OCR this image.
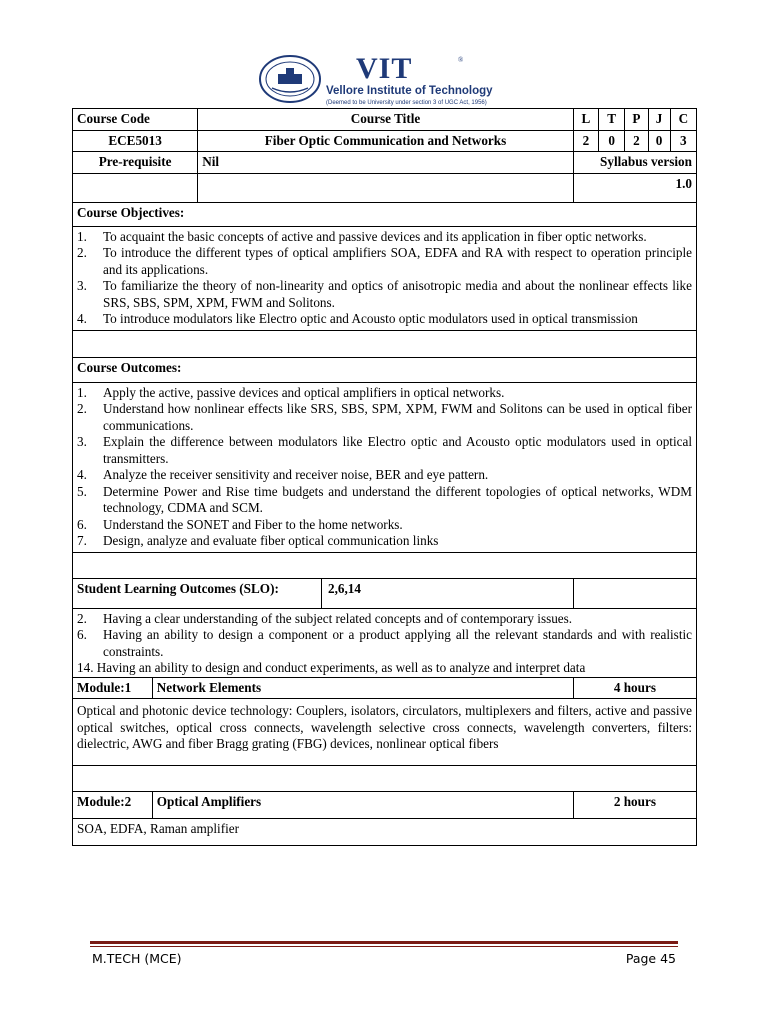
VIT	®
Vellore Institute of Technology
(Deemed to be University under section 3 of UGC Act, 1956)
Course Code	Course Title	L	T	P	J	C
ECE5013	Fiber Optic Communication and Networks	2	0	2	0	3
Pre-requisite	Nil	Syllabus version
		1.0
Course Objectives:

1. To acquaint the basic concepts of active and passive devices and its application in fiber optic networks.
2. To introduce the different types of optical amplifiers SOA, EDFA and RA with respect to operation principle and its applications.
3. To familiarize the theory of non-linearity and optics of anisotropic media and about the nonlinear effects like SRS, SBS, SPM, XPM, FWM and Solitons.
4. To introduce modulators like Electro optic and Acousto optic modulators used in optical transmission

Course Outcomes:

1. Apply the active, passive devices and optical amplifiers in optical networks.
2. Understand how nonlinear effects like SRS, SBS, SPM, XPM, FWM and Solitons can be used in optical fiber communications.
3. Explain the difference between modulators like Electro optic and Acousto optic modulators used in optical transmitters.
4. Analyze the receiver sensitivity and receiver noise, BER and eye pattern.
5. Determine Power and Rise time budgets and understand the different topologies of optical networks, WDM technology, CDMA and SCM.
6. Understand the SONET and Fiber to the home networks.
7. Design, analyze and evaluate fiber optical communication links

Student Learning Outcomes (SLO):	2,6,14

2. Having a clear understanding of the subject related concepts and of contemporary issues.
6. Having an ability to design a component or a product applying all the relevant standards and with realistic constraints.
14. Having an ability to design and conduct experiments, as well as to analyze and interpret data

Module:1	Network Elements	4 hours
Optical and photonic device technology: Couplers, isolators, circulators, multiplexers and filters, active and passive optical switches, optical cross connects, wavelength selective cross connects, wavelength converters, filters: dielectric, AWG and fiber Bragg grating (FBG) devices, nonlinear optical fibers

Module:2	Optical Amplifiers	2 hours
SOA, EDFA, Raman amplifier
M.TECH (MCE)	Page 45
